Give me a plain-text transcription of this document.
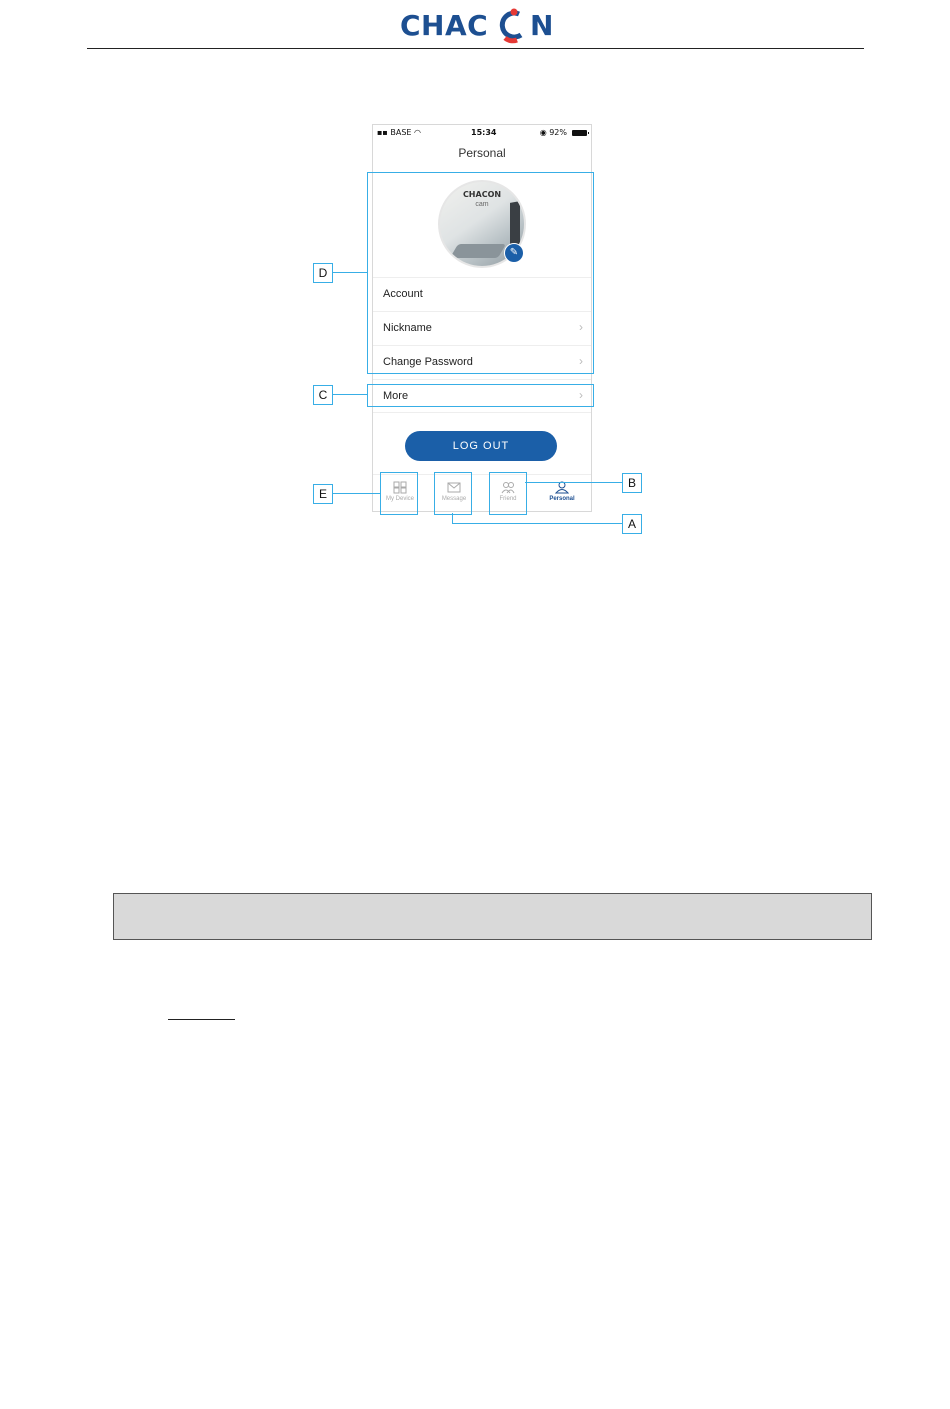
CHAC N
▪▪ BASE ◠	15:34	◉ 92%
Personal
CHACON
cam
✎
Account
Nickname	›
Change Password	›
More	›
LOG OUT
My Device	Message	Friend	Personal
D
C
E
B
A
